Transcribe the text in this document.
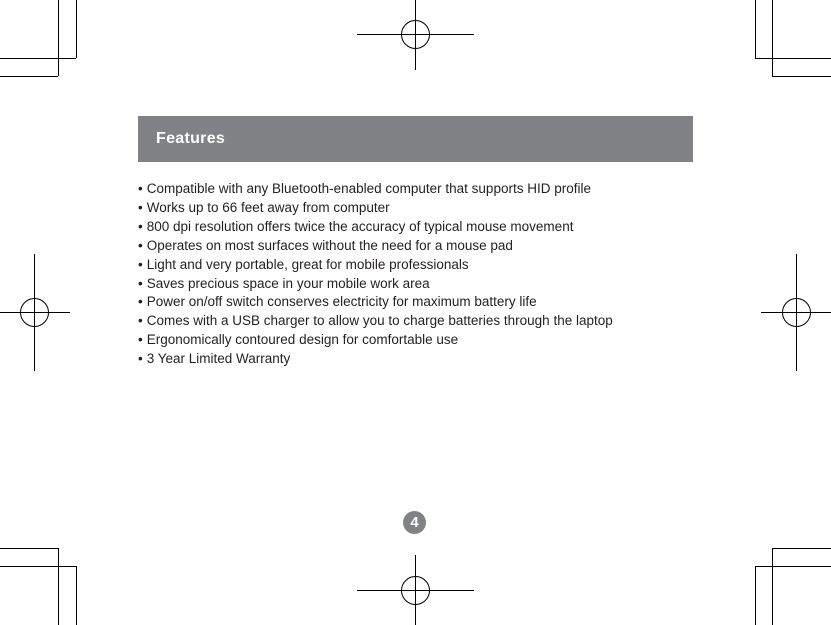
Features
• Compatible with any Bluetooth-enabled computer that supports HID profile
• Works up to 66 feet away from computer
• 800 dpi resolution offers twice the accuracy of typical mouse movement
• Operates on most surfaces without the need for a mouse pad
• Light and very portable, great for mobile professionals
• Saves precious space in your mobile work area
• Power on/off switch conserves electricity for maximum battery life
• Comes with a USB charger to allow you to charge batteries through the laptop
• Ergonomically contoured design for comfortable use
• 3 Year Limited Warranty
4
